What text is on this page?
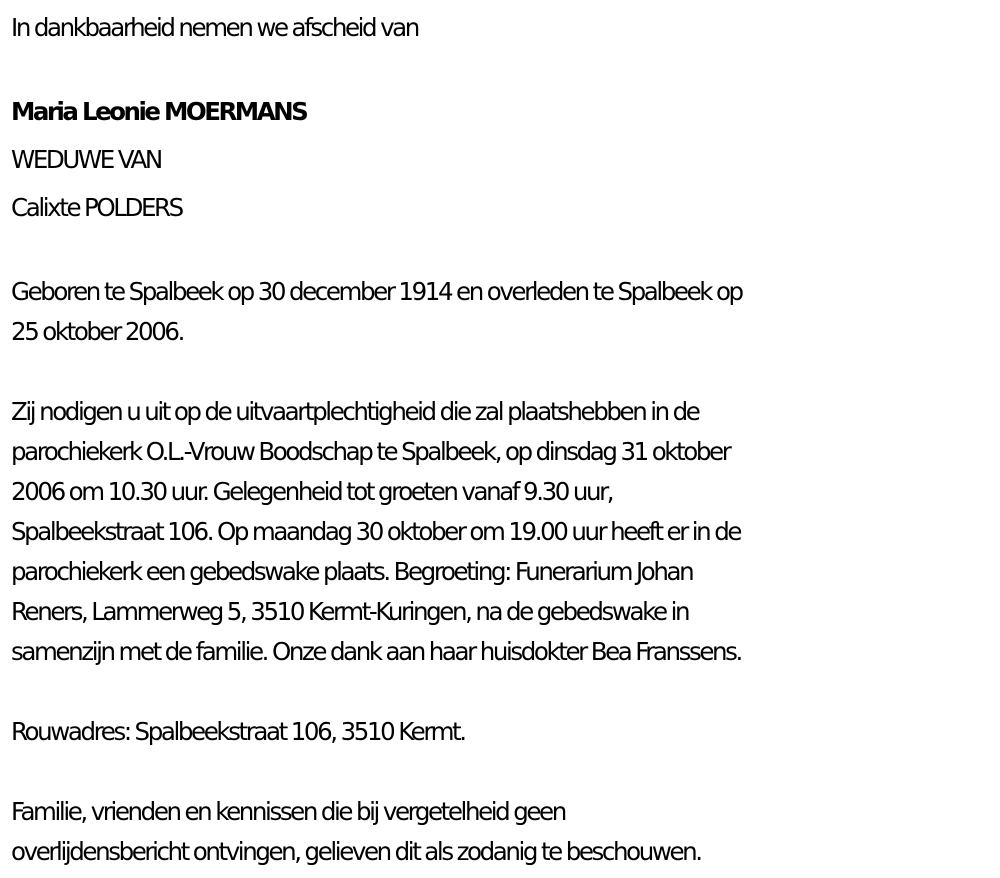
In dankbaarheid nemen we afscheid van

Maria Leonie MOERMANS

WEDUWE VAN

Calixte POLDERS

Geboren te Spalbeek op 30 december 1914 en overleden te Spalbeek op

25 oktober 2006.

Zij nodigen u uit op de uitvaartplechtigheid die zal plaatshebben in de

parochiekerk O.L.-Vrouw Boodschap te Spalbeek, op dinsdag 31 oktober

2006 om 10.30 uur. Gelegenheid tot groeten vanaf 9.30 uur,

Spalbeekstraat 106. Op maandag 30 oktober om 19.00 uur heeft er in de

parochiekerk een gebedswake plaats. Begroeting: Funerarium Johan

Reners, Lammerweg 5, 3510 Kermt-Kuringen, na de gebedswake in

samenzijn met de familie. Onze dank aan haar huisdokter Bea Franssens.

Rouwadres: Spalbeekstraat 106, 3510 Kermt.

Familie, vrienden en kennissen die bij vergetelheid geen

overlijdensbericht ontvingen, gelieven dit als zodanig te beschouwen.
